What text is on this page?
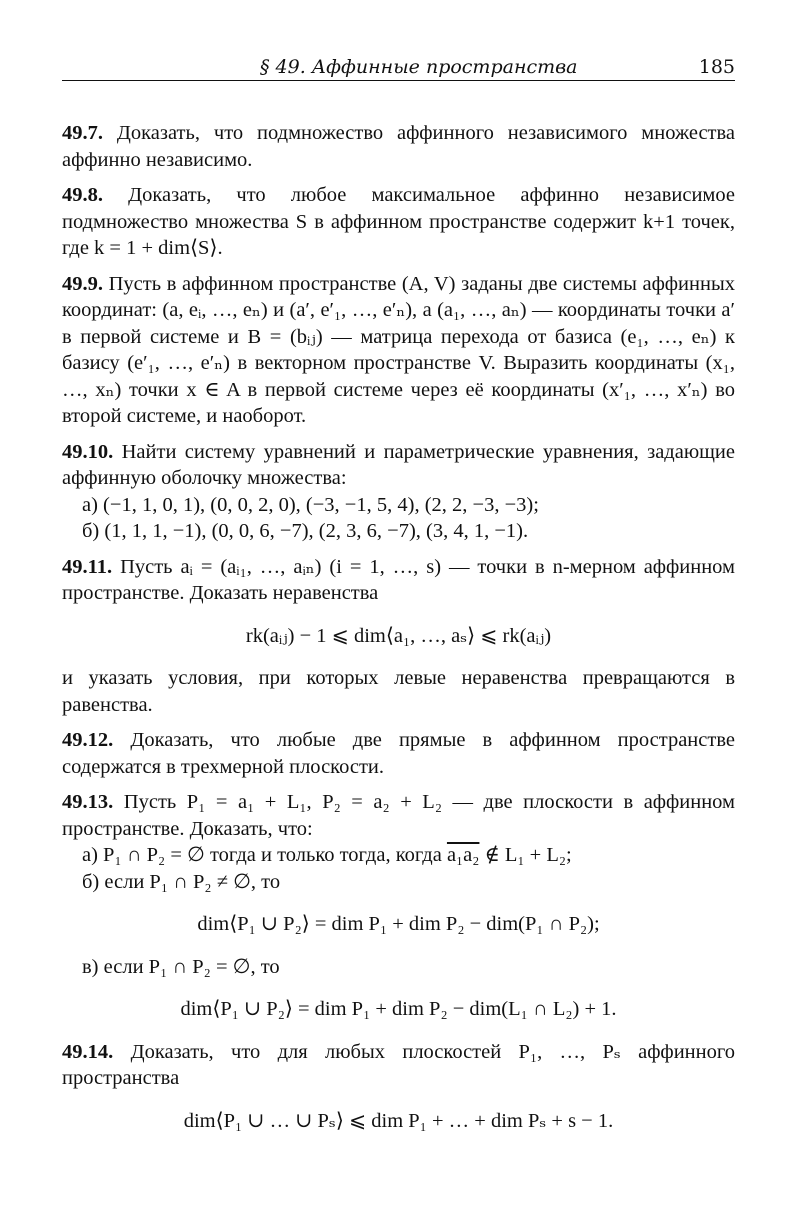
§ 49. Аффинные пространства	185

49.7. Доказать, что подмножество аффинного независимого множества аффинно независимо.

49.8. Доказать, что любое максимальное аффинно независимое подмножество множества S в аффинном пространстве содержит k+1 точек, где k = 1 + dim⟨S⟩.

49.9. Пусть в аффинном пространстве (A, V) заданы две системы аффинных координат: (a, eᵢ, …, eₙ) и (a′, e′₁, …, e′ₙ), а (a₁, …, aₙ) — координаты точки a′ в первой системе и B = (bᵢⱼ) — матрица перехода от базиса (e₁, …, eₙ) к базису (e′₁, …, e′ₙ) в векторном пространстве V. Выразить координаты (x₁, …, xₙ) точки x ∈ A в первой системе через её координаты (x′₁, …, x′ₙ) во второй системе, и наоборот.

49.10. Найти систему уравнений и параметрические уравнения, задающие аффинную оболочку множества:
а) (−1, 1, 0, 1), (0, 0, 2, 0), (−3, −1, 5, 4), (2, 2, −3, −3);
б) (1, 1, 1, −1), (0, 0, 6, −7), (2, 3, 6, −7), (3, 4, 1, −1).
49.11. Пусть aᵢ = (aᵢ₁, …, aᵢₙ) (i = 1, …, s) — точки в n-мерном аффинном пространстве. Доказать неравенства
rk(aᵢⱼ) − 1 ⩽ dim⟨a₁, …, aₛ⟩ ⩽ rk(aᵢⱼ)
и указать условия, при которых левые неравенства превращаются в равенства.

49.12. Доказать, что любые две прямые в аффинном пространстве содержатся в трехмерной плоскости.

49.13. Пусть P₁ = a₁ + L₁, P₂ = a₂ + L₂ — две плоскости в аффинном пространстве. Доказать, что:
а) P₁ ∩ P₂ = ∅ тогда и только тогда, когда a₁a₂ ∉ L₁ + L₂;
б) если P₁ ∩ P₂ ≠ ∅, то
dim⟨P₁ ∪ P₂⟩ = dim P₁ + dim P₂ − dim(P₁ ∩ P₂);
в) если P₁ ∩ P₂ = ∅, то
dim⟨P₁ ∪ P₂⟩ = dim P₁ + dim P₂ − dim(L₁ ∩ L₂) + 1.
49.14. Доказать, что для любых плоскостей P₁, …, Pₛ аффинного пространства
dim⟨P₁ ∪ … ∪ Pₛ⟩ ⩽ dim P₁ + … + dim Pₛ + s − 1.
